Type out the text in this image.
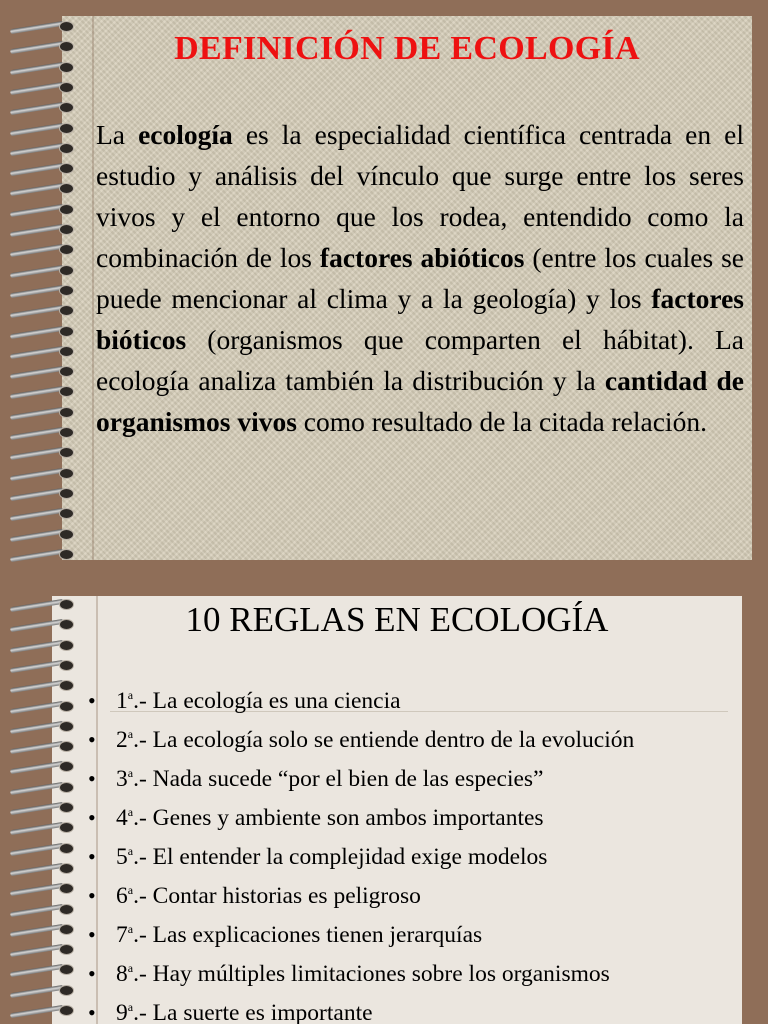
DEFINICIÓN DE ECOLOGÍA

La ecología es la especialidad científica centrada en el estudio y análisis del vínculo que surge entre los seres vivos y el entorno que los rodea, entendido como la combinación de los factores abióticos (entre los cuales se puede mencionar al clima y a la geología) y los factores bióticos (organismos que comparten el hábitat). La ecología analiza también la distribución y la cantidad de organismos vivos como resultado de la citada relación.

10 REGLAS EN ECOLOGÍA
• 1$^a$.- La ecología es una ciencia
• 2$^a$.- La ecología solo se entiende dentro de la evolución
• 3$^a$.- Nada sucede “por el bien de las especies”
• 4$^a$.- Genes y ambiente son ambos importantes
• 5$^a$.- El entender la complejidad exige modelos
• 6$^a$.- Contar historias es peligroso
• 7$^a$.- Las explicaciones tienen jerarquías
• 8$^a$.- Hay múltiples limitaciones sobre los organismos
• 9$^a$.- La suerte es importante
